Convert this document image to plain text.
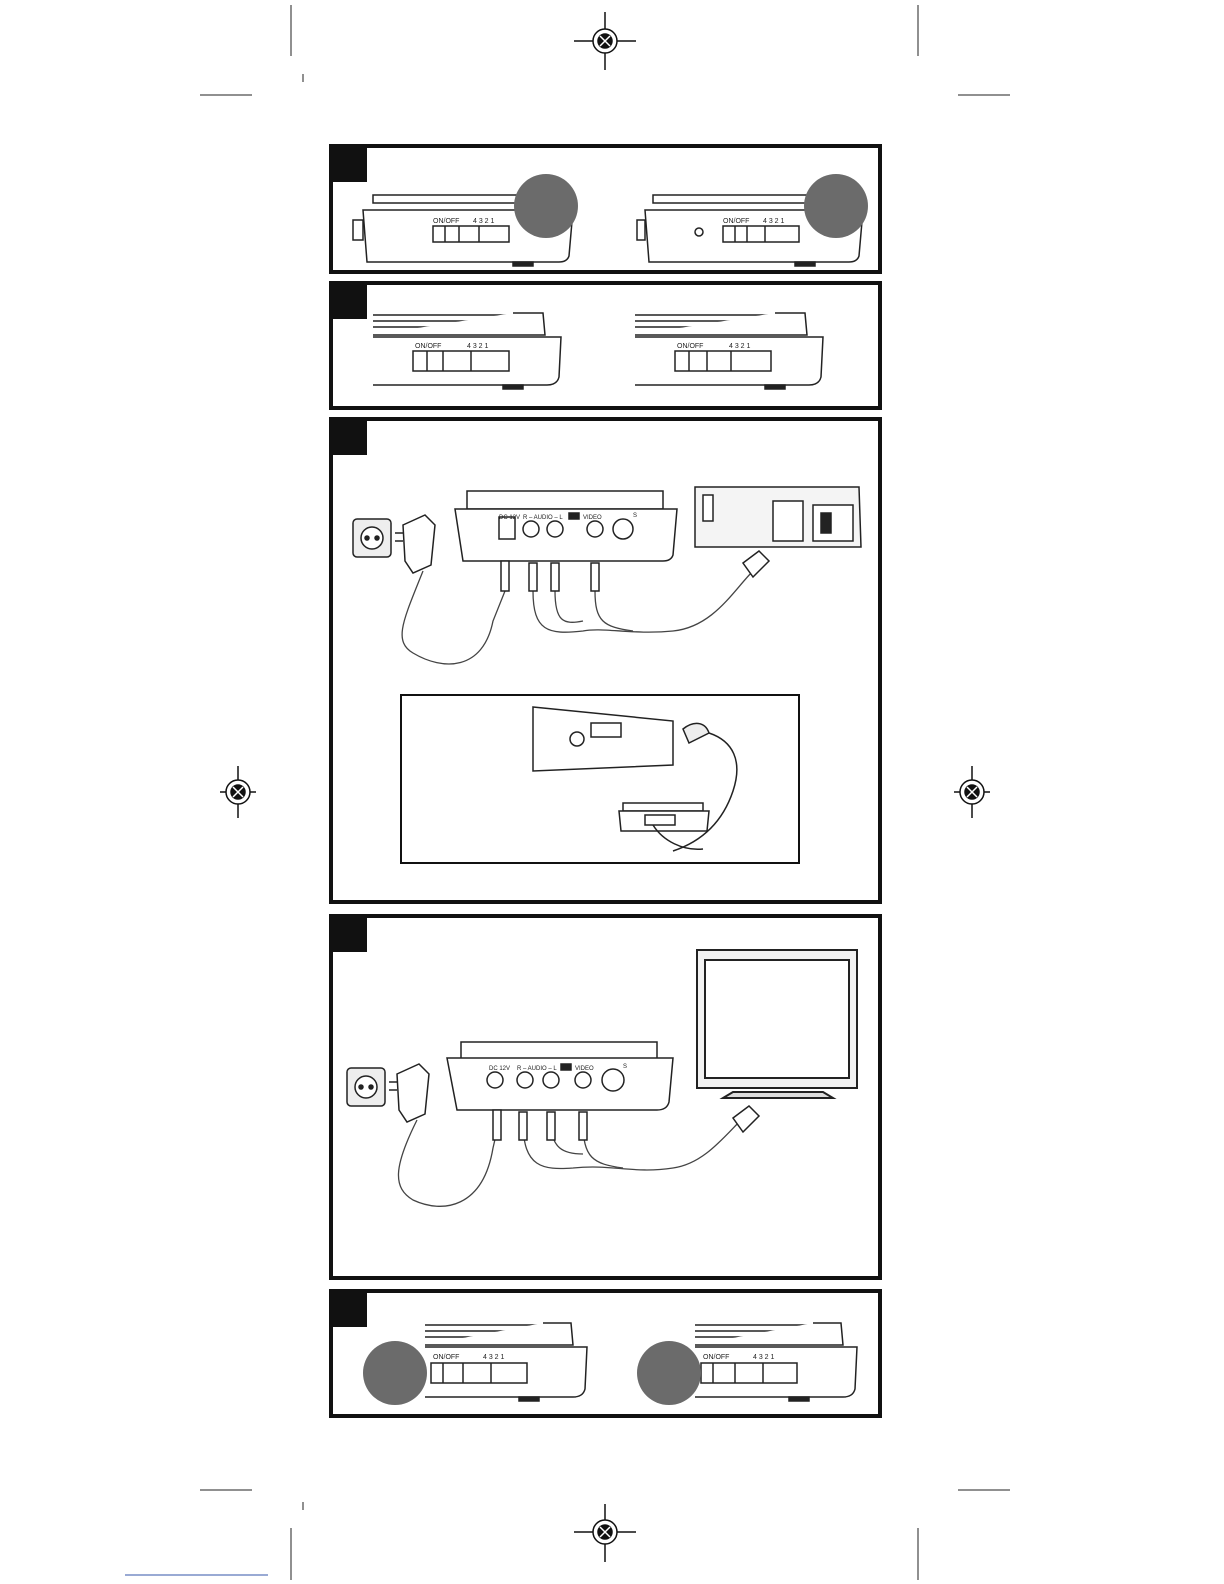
ON/OFF 4 3 2 1	ON/OFF 4 3 2 1
ON/OFF	4 3 2 1	ON/OFF	4 3 2 1
DC 12V R – AUDIO – L IN VIDEO	S
DC 12V R – AUDIO – L IN VIDEO	S
ON/OFF	4 3 2 1	ON/OFF	4 3 2 1
